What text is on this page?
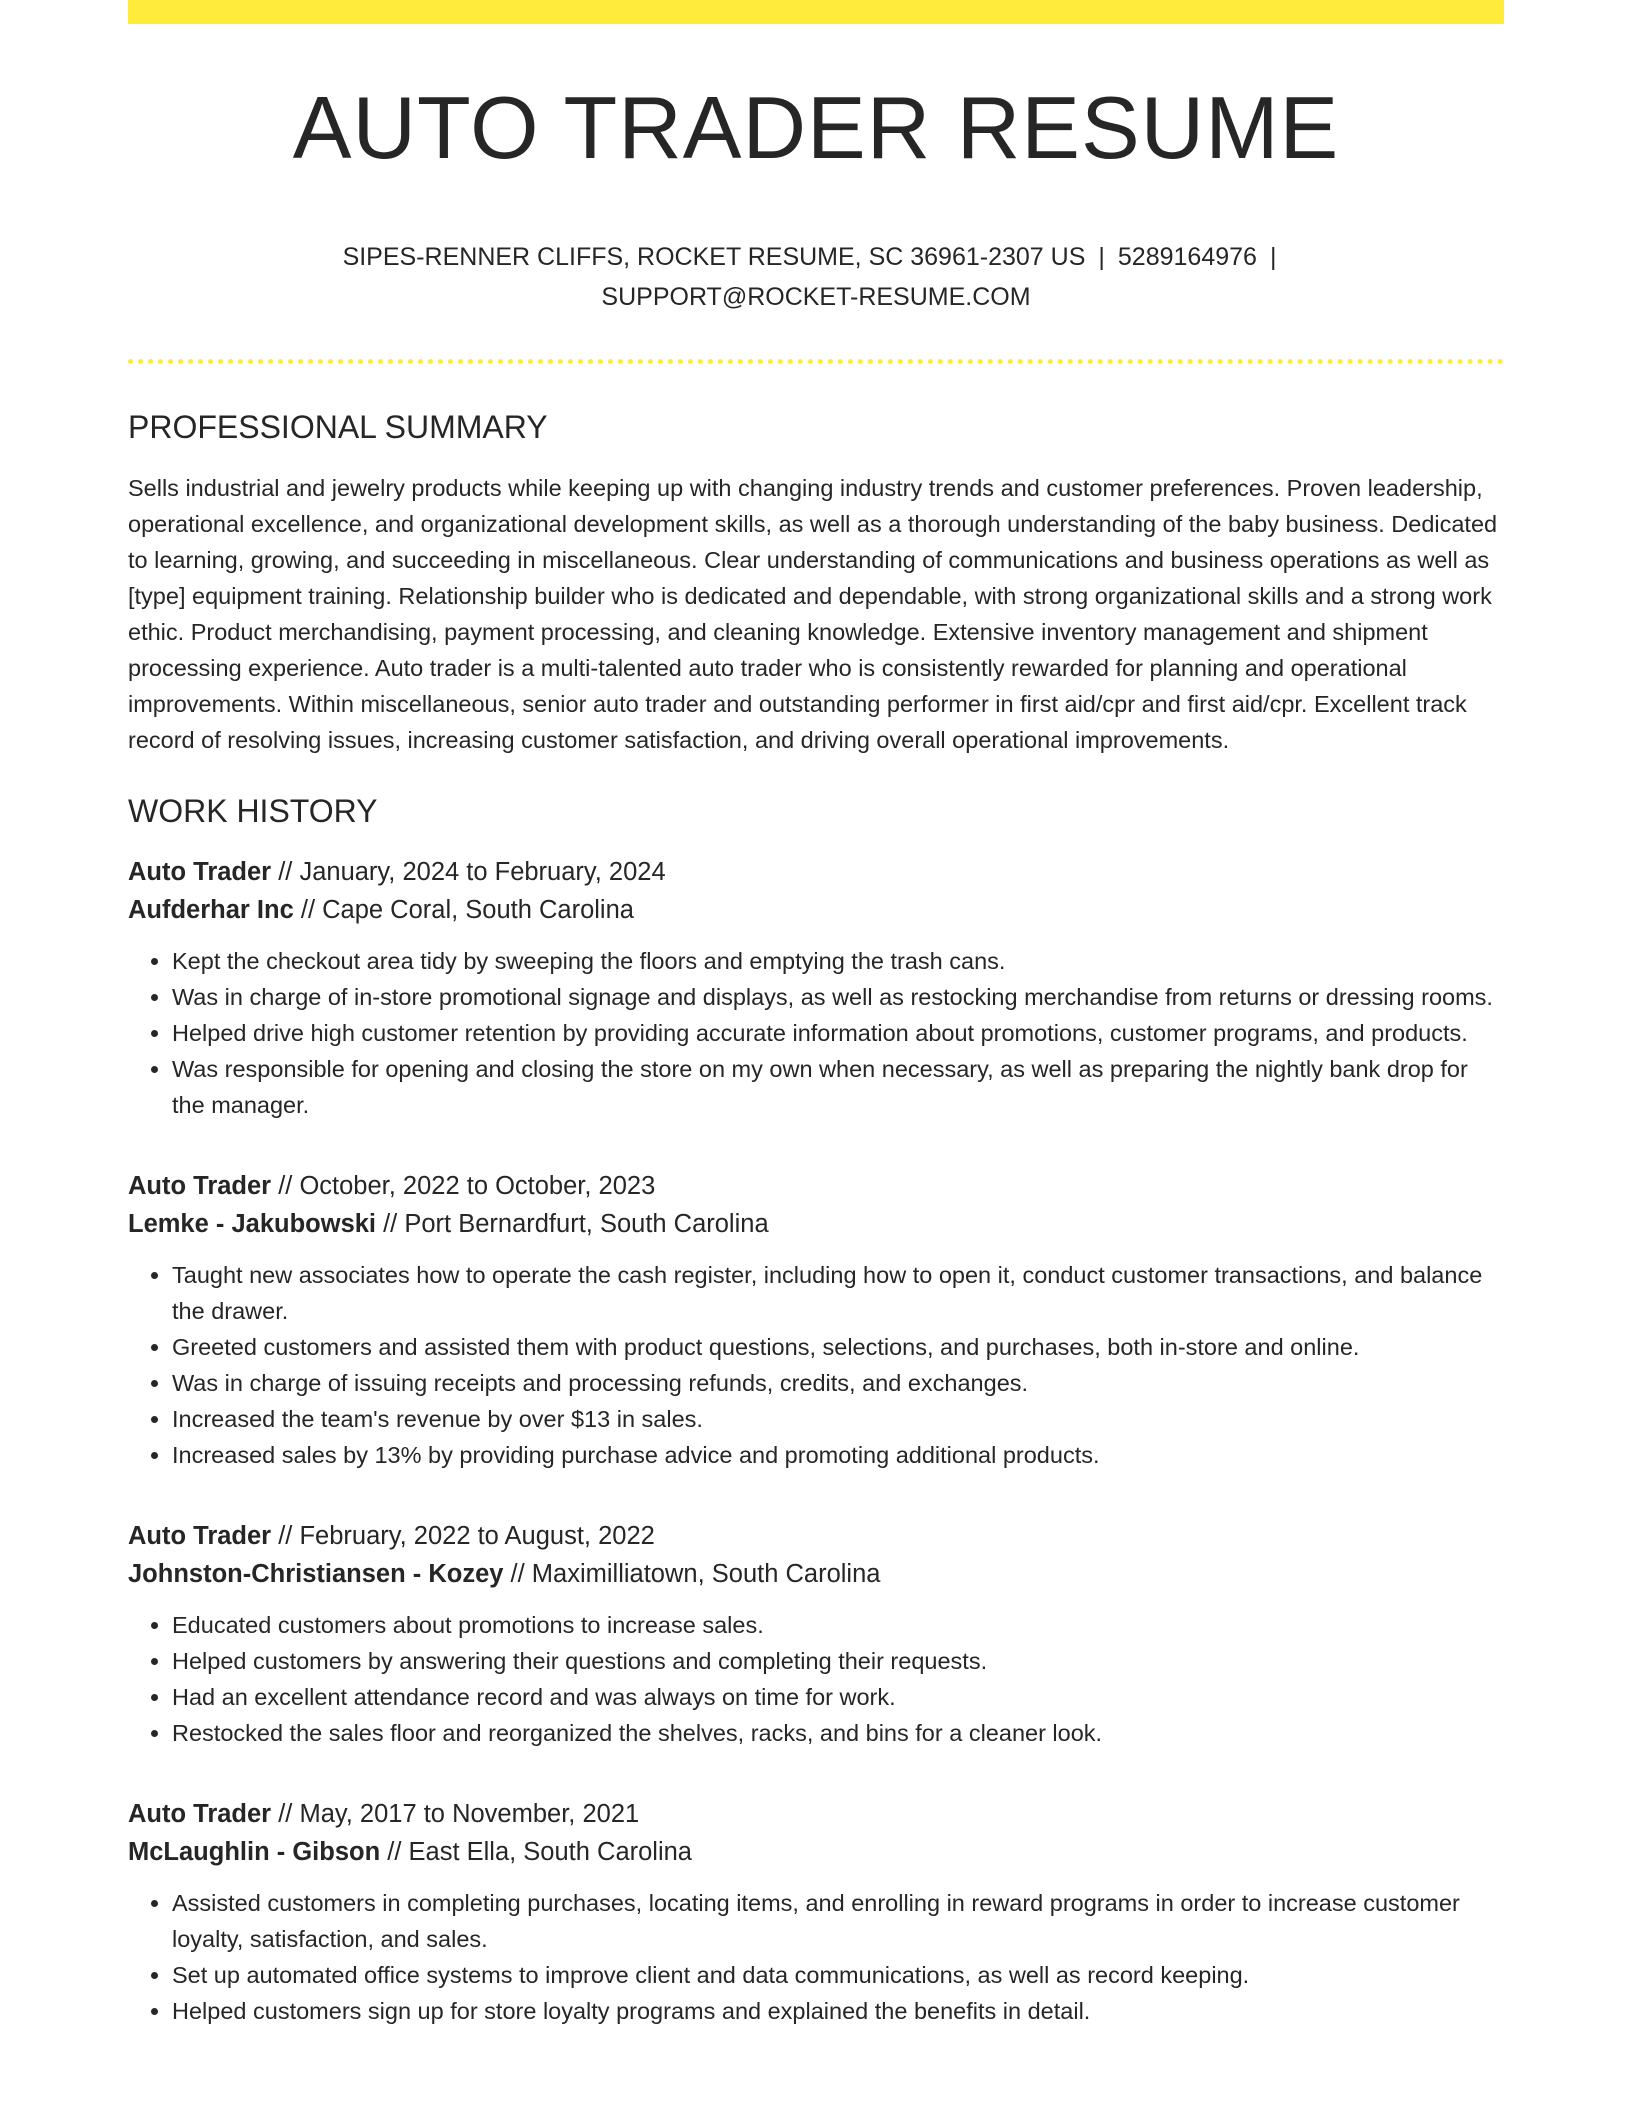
AUTO TRADER RESUME
SIPES-RENNER CLIFFS, ROCKET RESUME, SC 36961-2307 US | 5289164976 |
SUPPORT@ROCKET-RESUME.COM
PROFESSIONAL SUMMARY

Sells industrial and jewelry products while keeping up with changing industry trends and customer preferences. Proven leadership, operational excellence, and organizational development skills, as well as a thorough understanding of the baby business. Dedicated to learning, growing, and succeeding in miscellaneous. Clear understanding of communications and business operations as well as [type] equipment training. Relationship builder who is dedicated and dependable, with strong organizational skills and a strong work ethic. Product merchandising, payment processing, and cleaning knowledge. Extensive inventory management and shipment processing experience. Auto trader is a multi-talented auto trader who is consistently rewarded for planning and operational improvements. Within miscellaneous, senior auto trader and outstanding performer in first aid/cpr and first aid/cpr. Excellent track record of resolving issues, increasing customer satisfaction, and driving overall operational improvements.

WORK HISTORY
Auto Trader // January, 2024 to February, 2024
Aufderhar Inc // Cape Coral, South Carolina
• Kept the checkout area tidy by sweeping the floors and emptying the trash cans.
• Was in charge of in-store promotional signage and displays, as well as restocking merchandise from returns or dressing rooms.
• Helped drive high customer retention by providing accurate information about promotions, customer programs, and products.
• Was responsible for opening and closing the store on my own when necessary, as well as preparing the nightly bank drop for the manager.
Auto Trader // October, 2022 to October, 2023
Lemke - Jakubowski // Port Bernardfurt, South Carolina
• Taught new associates how to operate the cash register, including how to open it, conduct customer transactions, and balance the drawer.
• Greeted customers and assisted them with product questions, selections, and purchases, both in-store and online.
• Was in charge of issuing receipts and processing refunds, credits, and exchanges.
• Increased the team's revenue by over $13 in sales.
• Increased sales by 13% by providing purchase advice and promoting additional products.
Auto Trader // February, 2022 to August, 2022
Johnston-Christiansen - Kozey // Maximilliatown, South Carolina
• Educated customers about promotions to increase sales.
• Helped customers by answering their questions and completing their requests.
• Had an excellent attendance record and was always on time for work.
• Restocked the sales floor and reorganized the shelves, racks, and bins for a cleaner look.
Auto Trader // May, 2017 to November, 2021
McLaughlin - Gibson // East Ella, South Carolina
• Assisted customers in completing purchases, locating items, and enrolling in reward programs in order to increase customer loyalty, satisfaction, and sales.
• Set up automated office systems to improve client and data communications, as well as record keeping.
• Helped customers sign up for store loyalty programs and explained the benefits in detail.
